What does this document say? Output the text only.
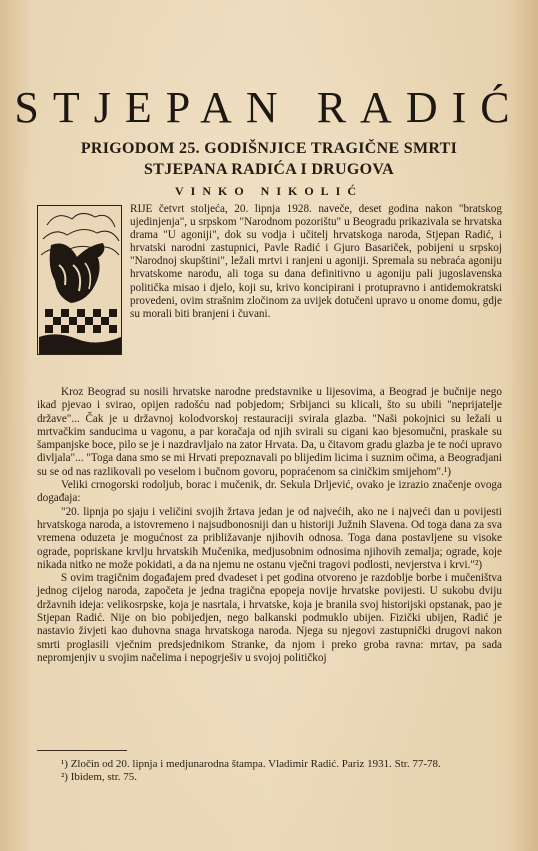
STJEPAN RADIĆ
PRIGODOM 25. GODIŠNJICE TRAGIČNE SMRTI
STJEPANA RADIĆA I DRUGOVA
VINKO NIKOLIĆ

RIJE četvrt stoljeća, 20. lipnja 1928. naveče, deset godina nakon "bratskog ujedinjenja", u srpskom "Narodnom pozorištu" u Beogradu prikazivala se hrvatska drama "U agoniji", dok su vodja i učitelj hrvatskoga naroda, Stjepan Radić, i hrvatski narodni zastupnici, Pavle Radić i Gjuro Basariček, pobijeni u srpskoj "Narodnoj skupštini", ležali mrtvi i ranjeni u agoniji. Spremala su nebraća agoniju hrvatskome narodu, ali toga su dana definitivno u agoniju pali jugoslavenska politička misao i djelo, koji su, krivo koncipirani i protupravno i antidemokratski provedeni, ovim strašnim zločinom za uvijek dotučeni upravo u onome domu, gdje su morali biti branjeni i čuvani.

Kroz Beograd su nosili hrvatske narodne predstavnike u lijesovima, a Beograd je bučnije nego ikad pjevao i svirao, opijen radošću nad pobjedom; Srbijanci su klicali, što su ubili "neprijatelje države"... Čak je u državnoj kolodvorskoj restauraciji svirala glazba. "Naši pokojnici su ležali u mrtvačkim sanducima u vagonu, a par koračaja od njih svirali su cigani kao bjesomučni, praskale su šampanjske boce, pilo se je i nazdravljalo na zator Hrvata. Da, u čitavom gradu glazba je te noći upravo divljala"... "Toga dana smo se mi Hrvati prepoznavali po blijedim licima i suznim očima, a Beogradjani su se od nas razlikovali po veselom i bučnom govoru, popraćenom sa ciničkim smijehom".¹)

Veliki crnogorski rodoljub, borac i mučenik, dr. Sekula Drljević, ovako je izrazio značenje ovoga događaja:

"20. lipnja po sjaju i veličini svojih žrtava jedan je od najvećih, ako ne i najveći dan u povijesti hrvatskoga naroda, a istovremeno i najsudbonosniji dan u historiji Južnih Slavena. Od toga dana za sva vremena oduzeta je mogućnost za približavanje njihovih odnosa. Toga dana postavljene su visoke ograde, popriskane krvlju hrvatskih Mučenika, medjusobnim odnosima njihovih zemalja; ograde, koje nikada nitko ne može pokidati, a da na njemu ne ostanu vječni tragovi podlosti, nevjerstva i krvi."²)

S ovim tragičnim događajem pred dvadeset i pet godina otvoreno je razdoblje borbe i mučeništva jednog cijelog naroda, započeta je jedna tragična epopeja novije hrvatske povijesti. U sukobu dviju državnih ideja: velikosrpske, koja je nasrtala, i hrvatske, koja je branila svoj historijski opstanak, pao je Stjepan Radić. Nije on bio pobijedjen, nego balkanski podmuklo ubijen. Fizički ubijen, Radić je nastavio živjeti kao duhovna snaga hrvatskoga naroda. Njega su njegovi zastupnički drugovi nakon smrti proglasili vječnim predsjednikom Stranke, da njom i preko groba ravna: mrtav, pa sada nepromjenjiv u svojim načelima i nepogrješiv u svojoj političkoj

¹) Zločin od 20. lipnja i medjunarodna štampa. Vladimir Radić. Pariz 1931. Str. 77-78.
²) Ibidem, str. 75.
